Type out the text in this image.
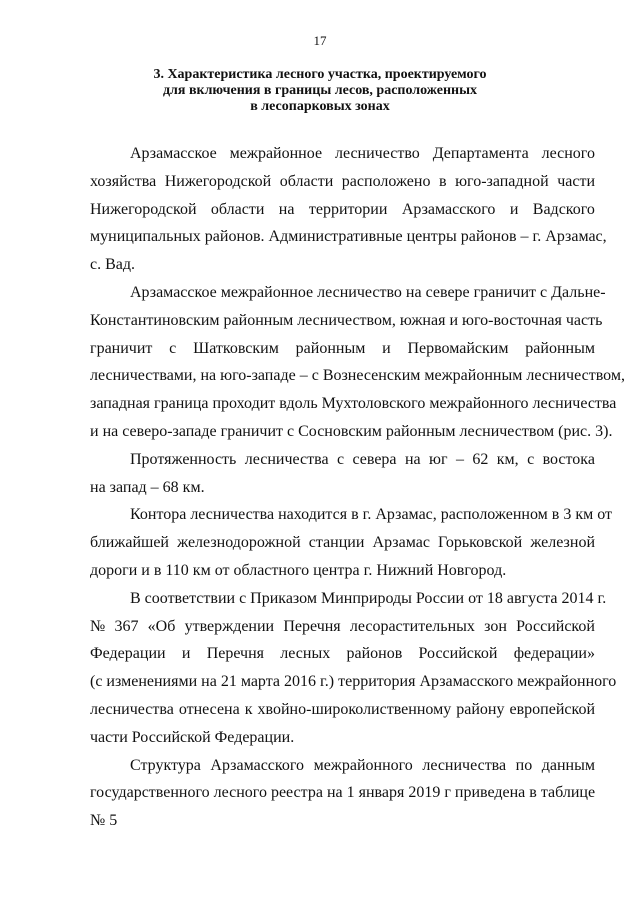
17
3. Характеристика лесного участка, проектируемого
для включения в границы лесов, расположенных
в лесопарковых зонах
Арзамасское межрайонное лесничество Департамента лесного
хозяйства Нижегородской области расположено в юго-западной части
Нижегородской области на территории Арзамасского и Вадского
муниципальных районов. Административные центры районов – г. Арзамас,
с. Вад.
Арзамасское межрайонное лесничество на севере граничит с Дальне-
Константиновским районным лесничеством, южная и юго-восточная часть
граничит с Шатковским районным и Первомайским районным
лесничествами, на юго-западе – с Вознесенским межрайонным лесничеством,
западная граница проходит вдоль Мухтоловского межрайонного лесничества
и на северо-западе граничит с Сосновским районным лесничеством (рис. 3).
Протяженность лесничества с севера на юг – 62 км, с востока
на запад – 68 км.
Контора лесничества находится в г. Арзамас, расположенном в 3 км от
ближайшей железнодорожной станции Арзамас Горьковской железной
дороги и в 110 км от областного центра г. Нижний Новгород.
В соответствии с Приказом Минприроды России от 18 августа 2014 г.
№ 367 «Об утверждении Перечня лесорастительных зон Российской
Федерации и Перечня лесных районов Российской федерации»
(с изменениями на 21 марта 2016 г.) территория Арзамасского межрайонного
лесничества отнесена к хвойно-широколиственному району европейской
части Российской Федерации.
Структура Арзамасского межрайонного лесничества по данным
государственного лесного реестра на 1 января 2019 г приведена в таблице
№ 5
